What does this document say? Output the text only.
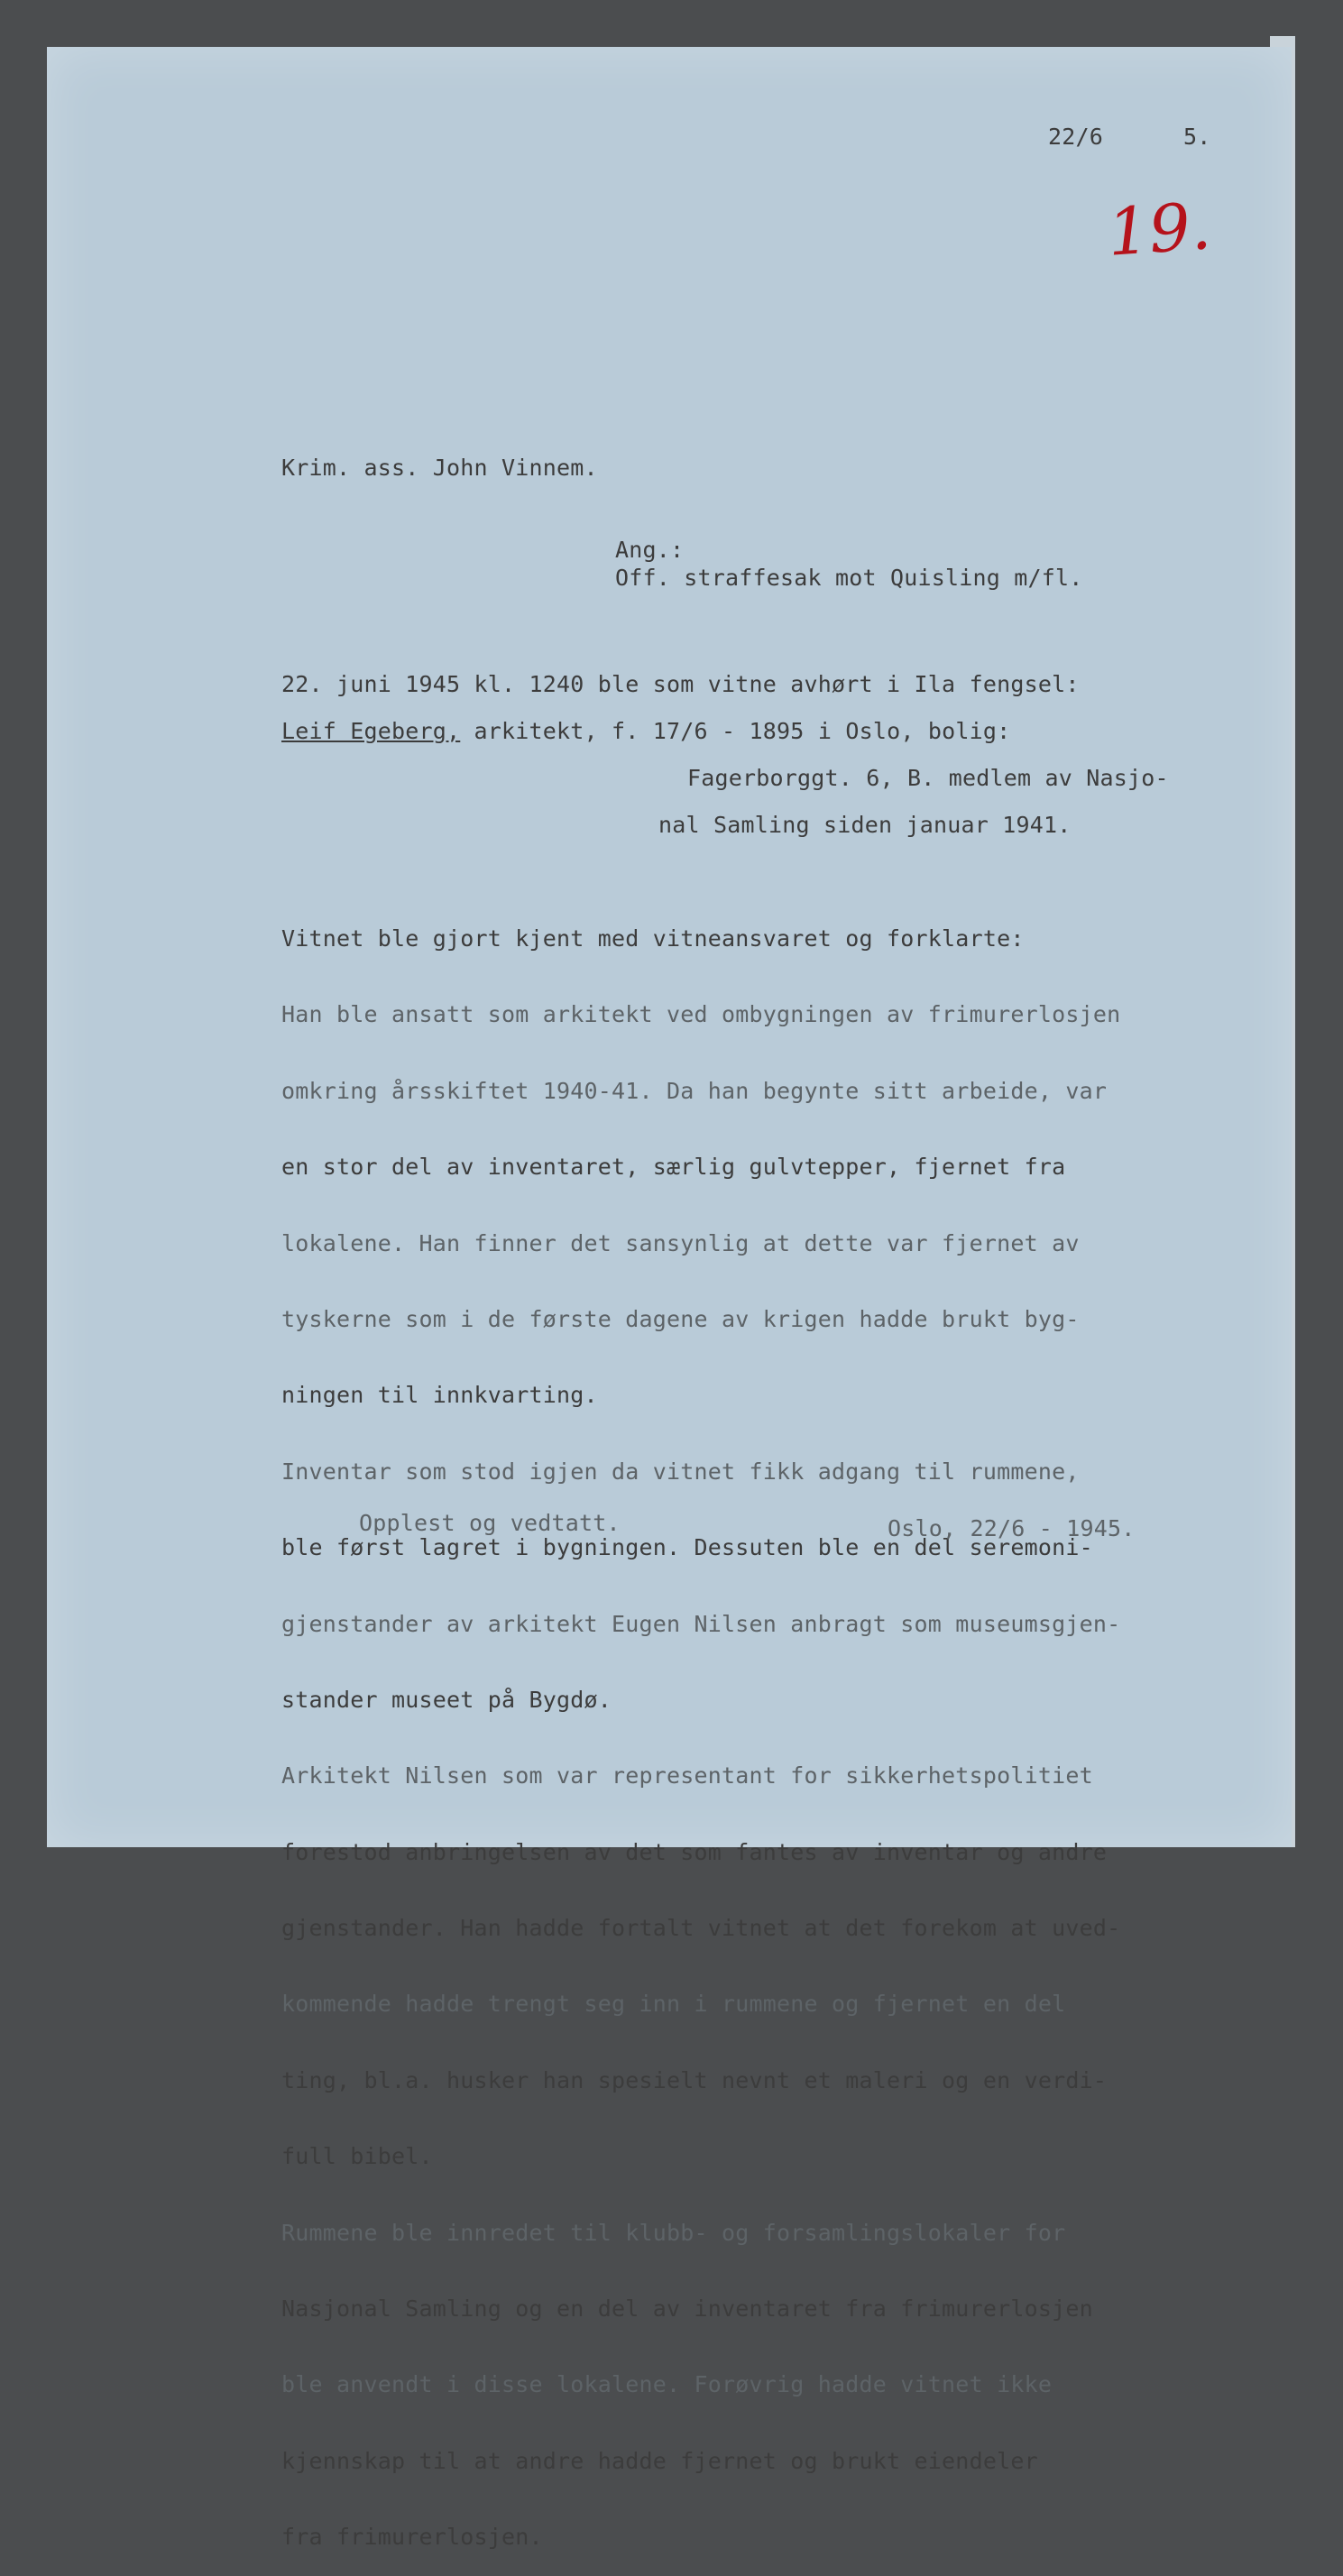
22/6	5.
19.
Krim. ass. John Vinnem.
Ang.:
Off. straffesak mot Quisling m/fl.
22. juni 1945 kl. 1240 ble som vitne avhørt i Ila fengsel:
Leif Egeberg, arkitekt, f. 17/6 - 1895 i Oslo, bolig:
Fagerborggt. 6, B. medlem av Nasjo-
nal Samling siden januar 1941.

Vitnet ble gjort kjent med vitneansvaret og forklarte:

Han ble ansatt som arkitekt ved ombygningen av frimurerlosjen

omkring årsskiftet 1940-41. Da han begynte sitt arbeide, var

en stor del av inventaret, særlig gulvtepper, fjernet fra

lokalene. Han finner det sansynlig at dette var fjernet av

tyskerne som i de første dagene av krigen hadde brukt byg-

ningen til innkvarting.

Inventar som stod igjen da vitnet fikk adgang til rummene,

ble først lagret i bygningen. Dessuten ble en del seremoni-

gjenstander av arkitekt Eugen Nilsen anbragt som museumsgjen-

stander museet på Bygdø.

Arkitekt Nilsen som var representant for sikkerhetspolitiet

forestod anbringelsen av det som fantes av inventar og andre

gjenstander. Han hadde fortalt vitnet at det forekom at uved-

kommende hadde trengt seg inn i rummene og fjernet en del

ting, bl.a. husker han spesielt nevnt et maleri og en verdi-

full bibel.

Rummene ble innredet til klubb- og forsamlingslokaler for

Nasjonal Samling og en del av inventaret fra frimurerlosjen

ble anvendt i disse lokalene. Forøvrig hadde vitnet ikke

kjennskap til at andre hadde fjernet og brukt eiendeler

fra frimurerlosjen.

Opplest og vedtatt.	Oslo, 22/6 - 1945.
